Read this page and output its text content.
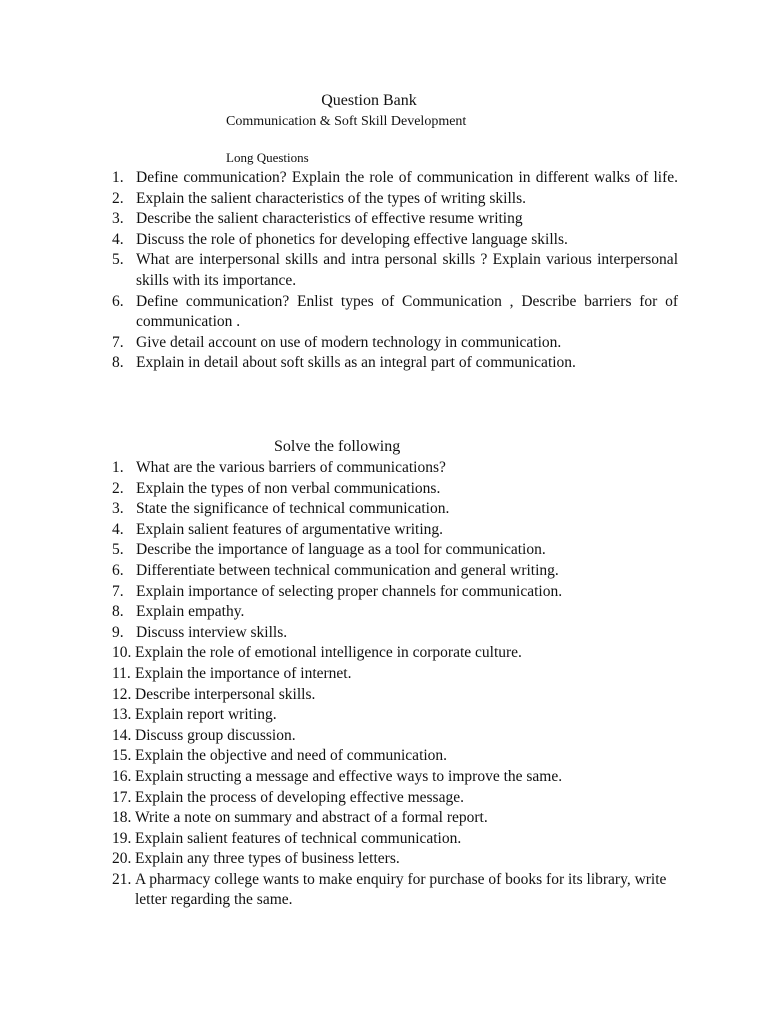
Question Bank
Communication & Soft Skill Development
Long Questions
1. Define communication? Explain the role of communication in different walks of life.
2. Explain the salient characteristics of the types of writing skills.
3. Describe the salient characteristics of effective resume writing
4. Discuss the role of phonetics for developing effective language skills.
5. What are interpersonal skills and intra personal skills ? Explain various interpersonal skills with its importance.
6. Define communication? Enlist types of Communication , Describe barriers for of communication .
7. Give detail account on use of modern technology in communication.
8. Explain in detail about soft skills as an integral part of communication.
Solve the following
1. What are the various barriers of communications?
2. Explain the types of non verbal communications.
3. State the significance of technical communication.
4. Explain salient features of argumentative writing.
5. Describe the importance of language as a tool for communication.
6. Differentiate between technical communication and general writing.
7. Explain importance of selecting proper channels for communication.
8. Explain empathy.
9. Discuss interview skills.
10. Explain the role of emotional intelligence in corporate culture.
11. Explain the importance of internet.
12. Describe interpersonal skills.
13. Explain report writing.
14. Discuss group discussion.
15. Explain the objective and need of communication.
16. Explain structing a message and effective ways to improve the same.
17. Explain the process of developing effective message.
18. Write a note on summary and abstract of a formal report.
19. Explain salient features of technical communication.
20. Explain any three types of business letters.
21. A pharmacy college wants to make enquiry for purchase of books for its library, write letter regarding the same.
